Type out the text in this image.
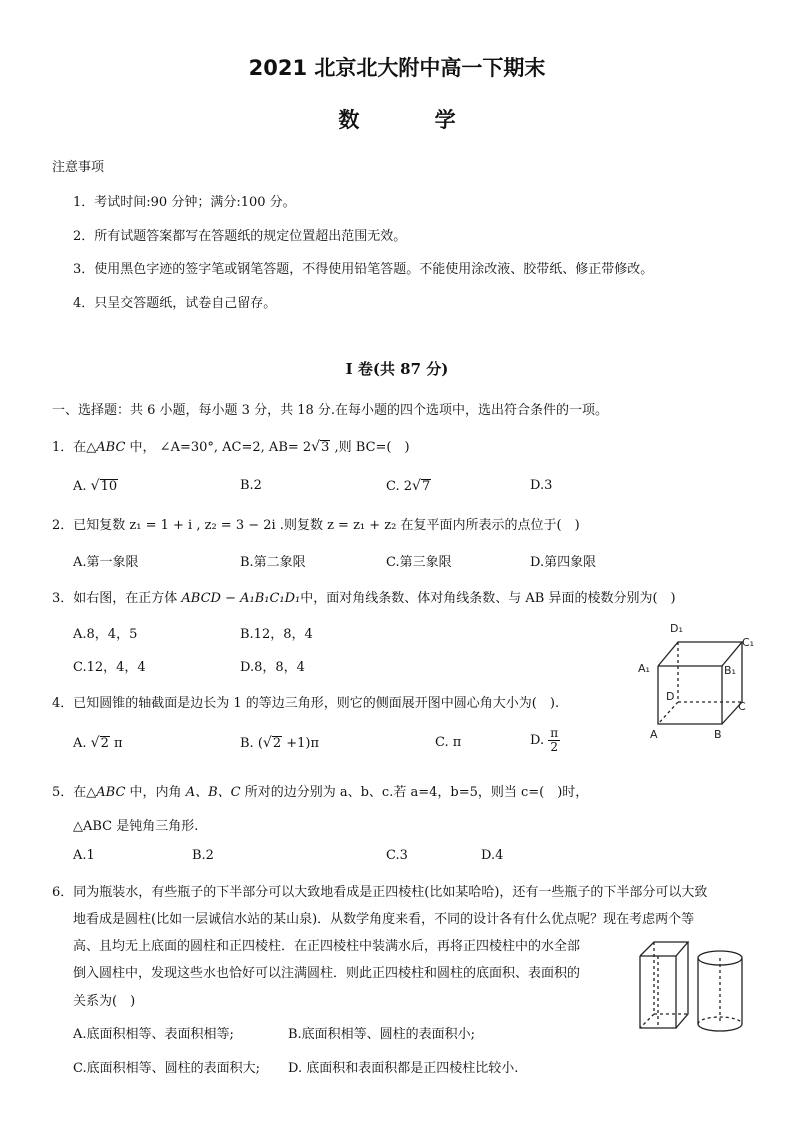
2021 北京北大附中高一下期末
数 学
注意事项
1．考试时间:90 分钟；满分:100 分。
2．所有试题答案都写在答题纸的规定位置超出范围无效。
3．使用黑色字迹的签字笔或钢笔答题，不得使用铅笔答题。不能使用涂改液、胶带纸、修正带修改。
4．只呈交答题纸，试卷自己留存。
I 卷(共 87 分)
一、选择题：共 6 小题，每小题 3 分，共 18 分.在每小题的四个选项中，选出符合条件的一项。
1．在△ABC 中， ∠A=30°, AC=2, AB= 2√3 ,则 BC=(　)
A. √10	B.2	C. 2√7	D.3
2．已知复数 z₁ = 1 + i , z₂ = 3 − 2i .则复数 z = z₁ + z₂ 在复平面内所表示的点位于(　)
A.第一象限	B.第二象限	C.第三象限	D.第四象限
3．如右图，在正方体 ABCD − A₁B₁C₁D₁中，面对角线条数、体对角线条数、与 AB 异面的棱数分别为(　)
A.8，4，5	B.12，8，4
C.12，4，4	D.8，8，4
D₁
C₁
A₁	B₁
D
C
A	B
4．已知圆锥的轴截面是边长为 1 的等边三角形，则它的侧面展开图中圆心角大小为(　).
A. √2 π	B. (√2 +1)π	C. π	D. $\frac{\pi}{2}$
5．在△ABC 中，内角 A、B、C 所对的边分别为 a、b、c.若 a=4，b=5，则当 c=(　)时，
△ABC 是钝角三角形.
A.1	B.2	C.3	D.4
6．同为瓶装水，有些瓶子的下半部分可以大致地看成是正四棱柱(比如某哈哈)，还有一些瓶子的下半部分可以大致
地看成是圆柱(比如一层诚信水站的某山泉)．从数学角度来看，不同的设计各有什么优点呢？现在考虑两个等
高、且均无上底面的圆柱和正四棱柱．在正四棱柱中装满水后，再将正四棱柱中的水全部
倒入圆柱中，发现这些水也恰好可以注满圆柱．则此正四棱柱和圆柱的底面积、表面积的
关系为(　)
A.底面积相等、表面积相等;	B.底面积相等、圆柱的表面积小;
C.底面积相等、圆柱的表面积大; D. 底面积和表面积都是正四棱柱比较小.
